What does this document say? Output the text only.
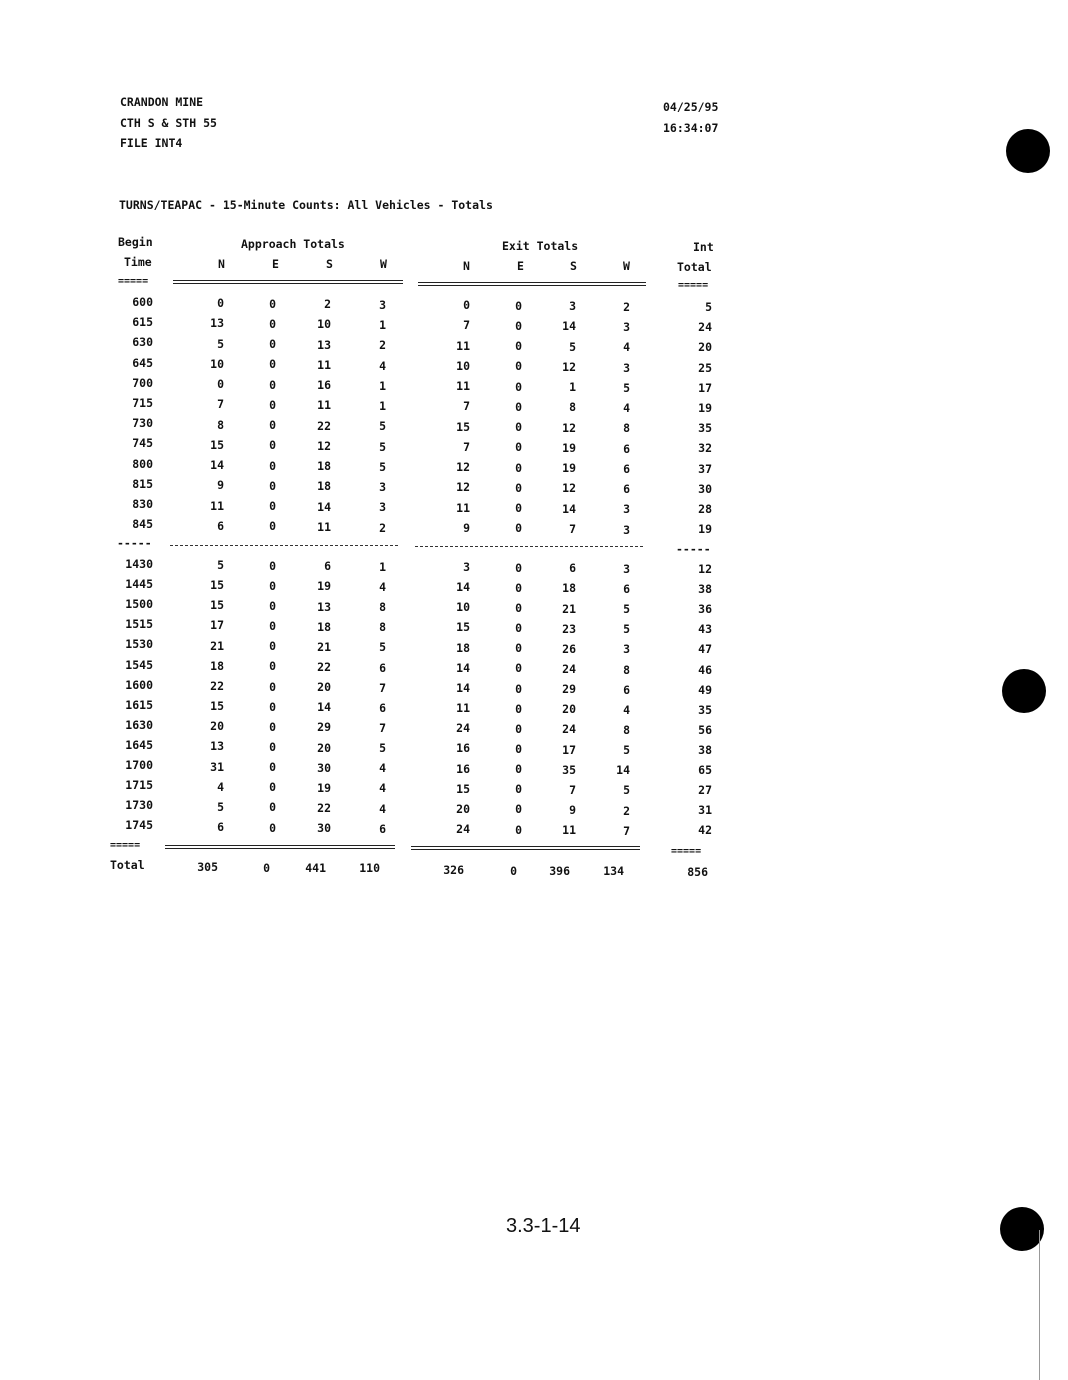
CRANDON MINE
CTH S & STH 55
FILE INT4
04/25/95
16:34:07
TURNS/TEAPAC - 15-Minute Counts: All Vehicles - Totals
Begin
Time
Approach Totals	Exit Totals	Int
Total
N	E	S	W	N	E	S	W
=====	=====
600	0	0	2	3	0	0	3	2	5
615	13	0	10	1	7	0	14	3	24
630	5	0	13	2	11	0	5	4	20
645	10	0	11	4	10	0	12	3	25
700	0	0	16	1	11	0	1	5	17
715	7	0	11	1	7	0	8	4	19
730	8	0	22	5	15	0	12	8	35
745	15	0	12	5	7	0	19	6	32
800	14	0	18	5	12	0	19	6	37
815	9	0	18	3	12	0	12	6	30
830	11	0	14	3	11	0	14	3	28
845	6	0	11	2	9	0	7	3	19
-----	-----
1430	5	0	6	1	3	0	6	3	12
1445	15	0	19	4	14	0	18	6	38
1500	15	0	13	8	10	0	21	5	36
1515	17	0	18	8	15	0	23	5	43
1530	21	0	21	5	18	0	26	3	47
1545	18	0	22	6	14	0	24	8	46
1600	22	0	20	7	14	0	29	6	49
1615	15	0	14	6	11	0	20	4	35
1630	20	0	29	7	24	0	24	8	56
1645	13	0	20	5	16	0	17	5	38
1700	31	0	30	4	16	0	35	14	65
1715	4	0	19	4	15	0	7	5	27
1730	5	0	22	4	20	0	9	2	31
1745	6	0	30	6	24	0	11	7	42
=====
=====
Total	305	0	441	110	326	0	396	134	856
3.3-1-14
